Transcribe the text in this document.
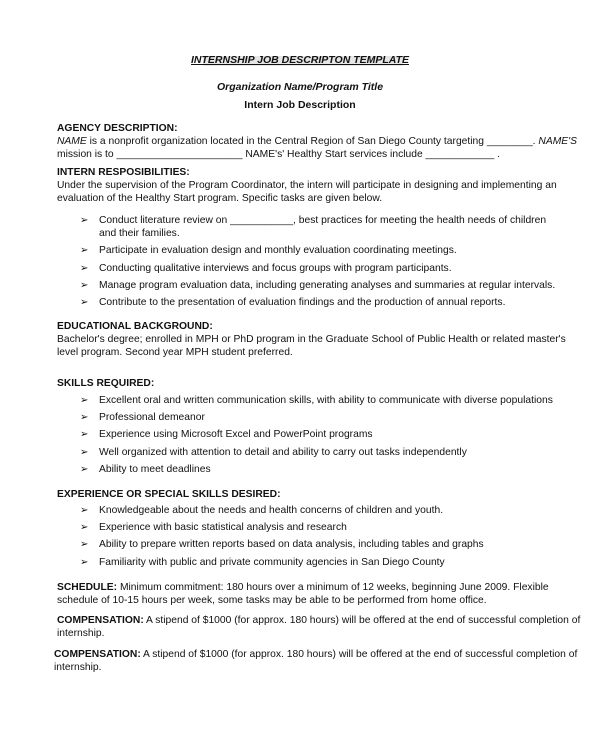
INTERNSHIP JOB DESCRIPTON TEMPLATE
Organization Name/Program Title
Intern Job Description
AGENCY DESCRIPTION:
NAME is a nonprofit organization located in the Central Region of San Diego County targeting ________. NAME'S
mission is to ______________________ NAME's' Healthy Start services include ____________ .
INTERN RESPOSIBILITIES:
Under the supervision of the Program Coordinator, the intern will participate in designing and implementing an
evaluation of the Healthy Start program. Specific tasks are given below.
➢ Conduct literature review on ___________, best practices for meeting the health needs of children
and their families.
➢ Participate in evaluation design and monthly evaluation coordinating meetings.
➢ Conducting qualitative interviews and focus groups with program participants.
➢ Manage program evaluation data, including generating analyses and summaries at regular intervals.
➢ Contribute to the presentation of evaluation findings and the production of annual reports.
EDUCATIONAL BACKGROUND:
Bachelor's degree; enrolled in MPH or PhD program in the Graduate School of Public Health or related master's
level program. Second year MPH student preferred.
SKILLS REQUIRED:
➢ Excellent oral and written communication skills, with ability to communicate with diverse populations
➢ Professional demeanor
➢ Experience using Microsoft Excel and PowerPoint programs
➢ Well organized with attention to detail and ability to carry out tasks independently
➢ Ability to meet deadlines
EXPERIENCE OR SPECIAL SKILLS DESIRED:
➢ Knowledgeable about the needs and health concerns of children and youth.
➢ Experience with basic statistical analysis and research
➢ Ability to prepare written reports based on data analysis, including tables and graphs
➢ Familiarity with public and private community agencies in San Diego County
SCHEDULE: Minimum commitment: 180 hours over a minimum of 12 weeks, beginning June 2009. Flexible
schedule of 10-15 hours per week, some tasks may be able to be performed from home office.
COMPENSATION: A stipend of $1000 (for approx. 180 hours) will be offered at the end of successful completion of
internship.
COMPENSATION: A stipend of $1000 (for approx. 180 hours) will be offered at the end of successful completion of
internship.
